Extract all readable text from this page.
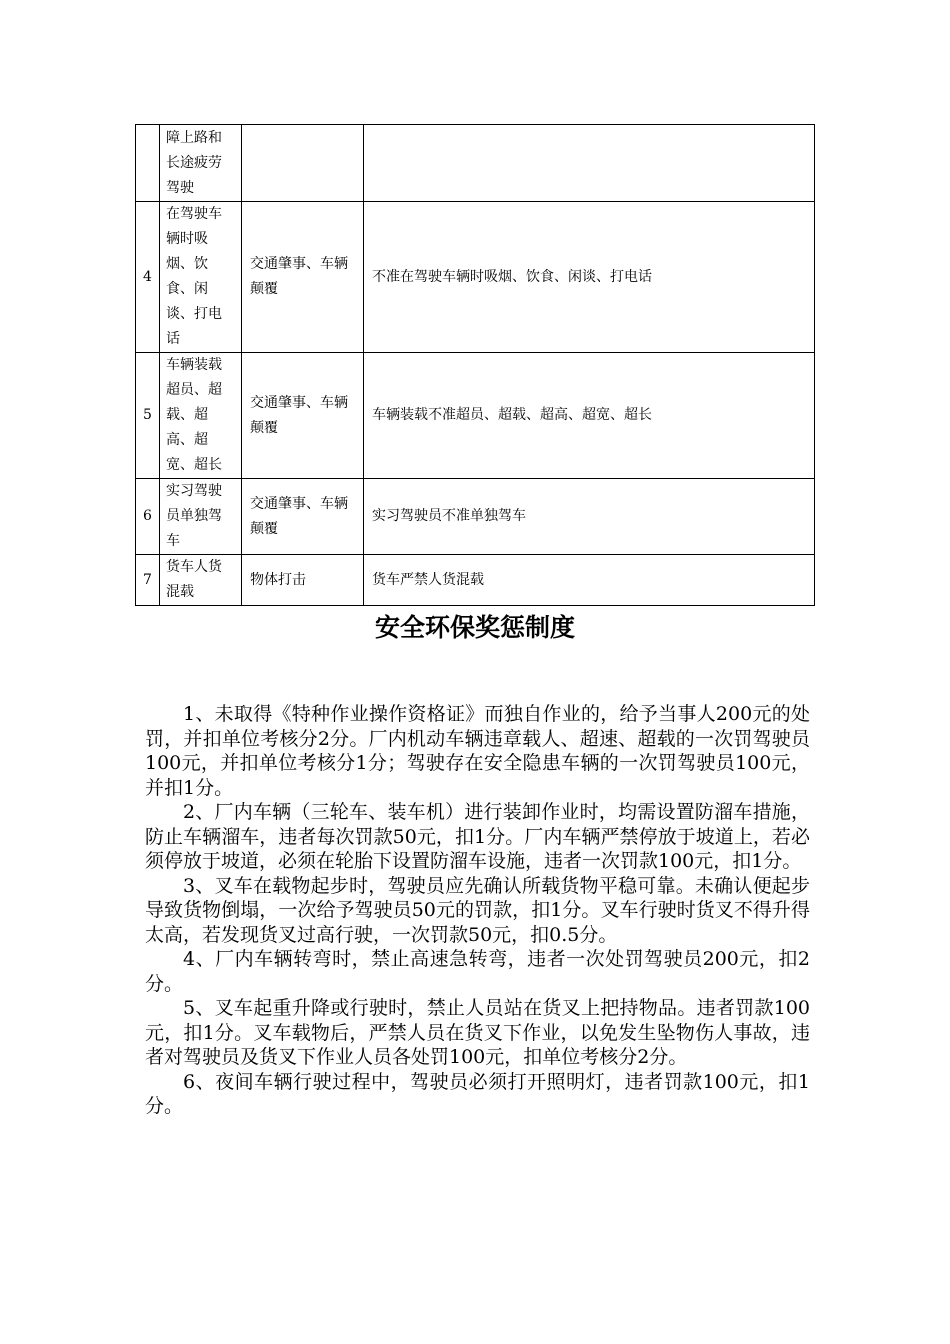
	障上路和长途疲劳驾驶		
4	在驾驶车辆时吸烟、饮食、闲谈、打电话	交通肇事、车辆颠覆	不准在驾驶车辆时吸烟、饮食、闲谈、打电话
5	车辆装载超员、超载、超高、超宽、超长	交通肇事、车辆颠覆	车辆装载不准超员、超载、超高、超宽、超长
6	实习驾驶员单独驾车	交通肇事、车辆颠覆	实习驾驶员不准单独驾车
7	货车人货混载	物体打击	货车严禁人货混载
安全环保奖惩制度

1、未取得《特种作业操作资格证》而独自作业的，给予当事人200元的处罚，并扣单位考核分2分。厂内机动车辆违章载人、超速、超载的一次罚驾驶员100元，并扣单位考核分1分；驾驶存在安全隐患车辆的一次罚驾驶员100元，并扣1分。

2、厂内车辆（三轮车、装车机）进行装卸作业时，均需设置防溜车措施，防止车辆溜车，违者每次罚款50元，扣1分。厂内车辆严禁停放于坡道上，若必须停放于坡道，必须在轮胎下设置防溜车设施，违者一次罚款100元，扣1分。

3、叉车在载物起步时，驾驶员应先确认所载货物平稳可靠。未确认便起步导致货物倒塌，一次给予驾驶员50元的罚款，扣1分。叉车行驶时货叉不得升得太高，若发现货叉过高行驶，一次罚款50元，扣0.5分。

4、厂内车辆转弯时，禁止高速急转弯，违者一次处罚驾驶员200元，扣2分。

5、叉车起重升降或行驶时，禁止人员站在货叉上把持物品。违者罚款100元，扣1分。叉车载物后，严禁人员在货叉下作业，以免发生坠物伤人事故，违者对驾驶员及货叉下作业人员各处罚100元，扣单位考核分2分。

6、夜间车辆行驶过程中，驾驶员必须打开照明灯，违者罚款100元，扣1分。
